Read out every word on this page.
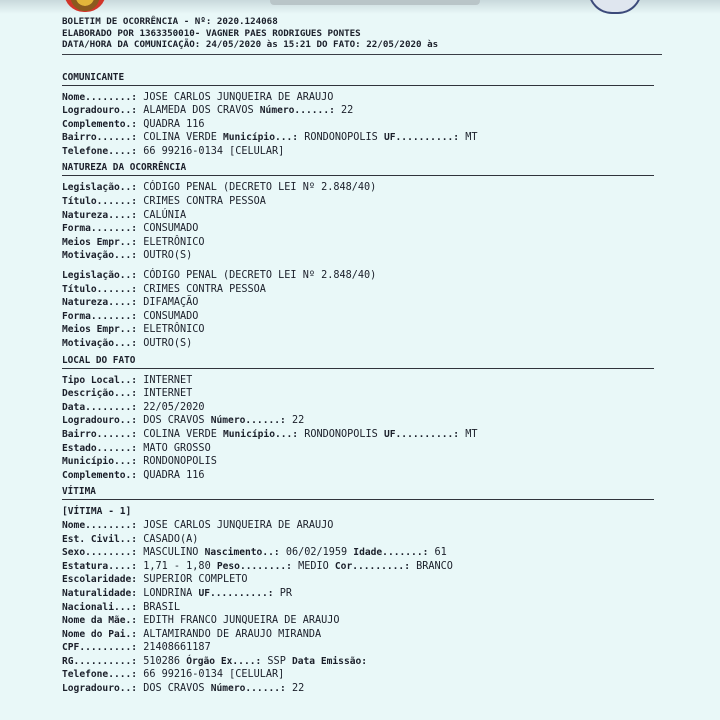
BOLETIM DE OCORRÊNCIA - Nº: 2020.124068
ELABORADO POR 1363350010- VAGNER PAES RODRIGUES PONTES
DATA/HORA DA COMUNICAÇÃO: 24/05/2020 às 15:21 DO FATO: 22/05/2020 às
COMUNICANTE
Nome........: JOSE CARLOS JUNQUEIRA DE ARAUJO
Logradouro..: ALAMEDA DOS CRAVOS Número......: 22
Complemento.: QUADRA 116
Bairro......: COLINA VERDE Município...: RONDONOPOLIS UF..........: MT
Telefone....: 66 99216-0134 [CELULAR]
NATUREZA DA OCORRÊNCIA
Legislação..: CÓDIGO PENAL (DECRETO LEI Nº 2.848/40)
Título......: CRIMES CONTRA PESSOA
Natureza....: CALÚNIA
Forma.......: CONSUMADO
Meios Empr..: ELETRÔNICO
Motivação...: OUTRO(S)
Legislação..: CÓDIGO PENAL (DECRETO LEI Nº 2.848/40)
Título......: CRIMES CONTRA PESSOA
Natureza....: DIFAMAÇÃO
Forma.......: CONSUMADO
Meios Empr..: ELETRÔNICO
Motivação...: OUTRO(S)
LOCAL DO FATO
Tipo Local..: INTERNET
Descrição...: INTERNET
Data........: 22/05/2020
Logradouro..: DOS CRAVOS Número......: 22
Bairro......: COLINA VERDE Município...: RONDONOPOLIS UF..........: MT
Estado......: MATO GROSSO
Município...: RONDONOPOLIS
Complemento.: QUADRA 116
VÍTIMA
[VÍTIMA - 1]
Nome........: JOSE CARLOS JUNQUEIRA DE ARAUJO
Est. Civil..: CASADO(A)
Sexo........: MASCULINO Nascimento..: 06/02/1959 Idade.......: 61
Estatura....: 1,71 - 1,80 Peso........: MEDIO Cor.........: BRANCO
Escolaridade: SUPERIOR COMPLETO
Naturalidade: LONDRINA UF..........: PR
Nacionali...: BRASIL
Nome da Mãe.: EDITH FRANCO JUNQUEIRA DE ARAUJO
Nome do Pai.: ALTAMIRANDO DE ARAUJO MIRANDA
CPF.........: 21408661187
RG..........: 510286 Órgão Ex....: SSP Data Emissão:
Telefone....: 66 99216-0134 [CELULAR]
Logradouro..: DOS CRAVOS Número......: 22
